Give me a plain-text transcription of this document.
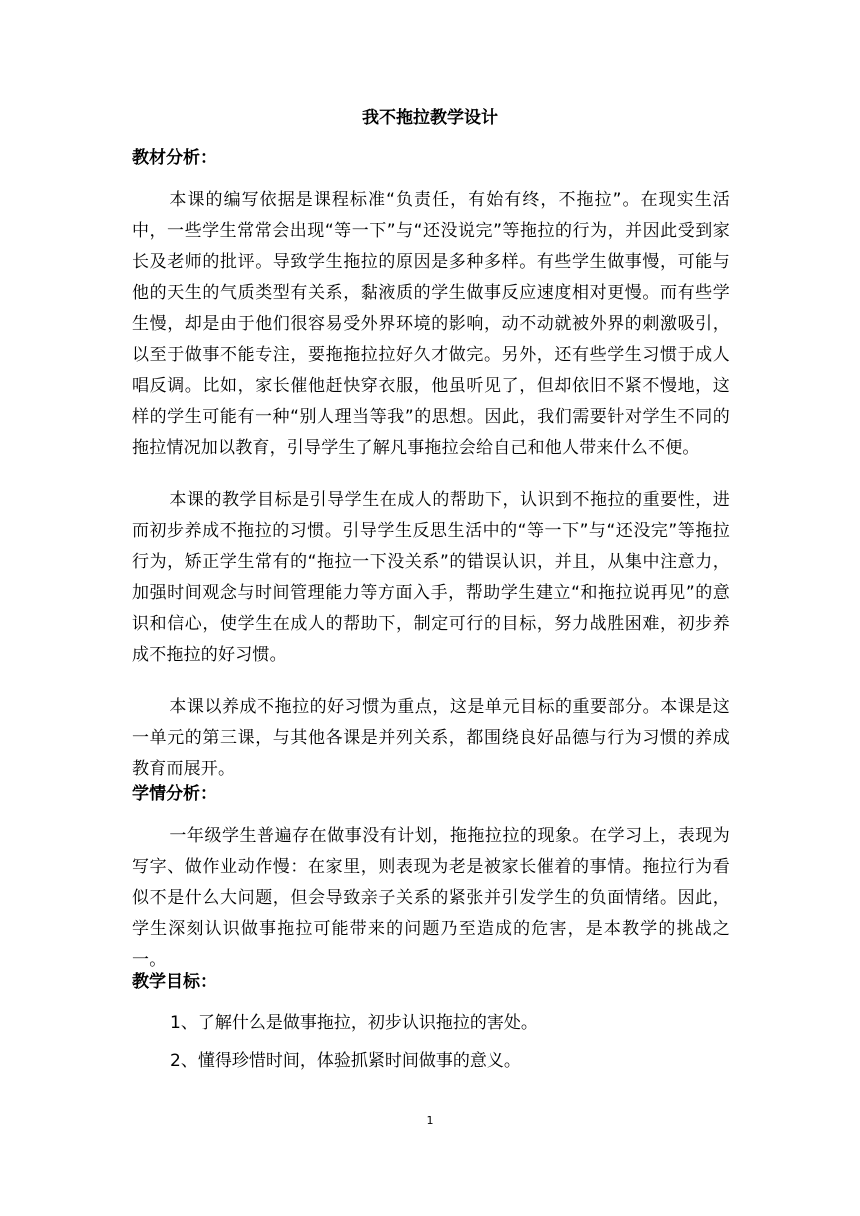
我不拖拉教学设计
教材分析：
本课的编写依据是课程标准“负责任，有始有终，不拖拉”。在现实生活中，一些学生常常会出现“等一下”与“还没说完”等拖拉的行为，并因此受到家长及老师的批评。导致学生拖拉的原因是多种多样。有些学生做事慢，可能与他的天生的气质类型有关系，黏液质的学生做事反应速度相对更慢。而有些学生慢，却是由于他们很容易受外界环境的影响，动不动就被外界的刺激吸引，以至于做事不能专注，要拖拖拉拉好久才做完。另外，还有些学生习惯于成人唱反调。比如，家长催他赶快穿衣服，他虽听见了，但却依旧不紧不慢地，这样的学生可能有一种“别人理当等我”的思想。因此，我们需要针对学生不同的拖拉情况加以教育，引导学生了解凡事拖拉会给自己和他人带来什么不便。
本课的教学目标是引导学生在成人的帮助下，认识到不拖拉的重要性，进而初步养成不拖拉的习惯。引导学生反思生活中的“等一下”与“还没完”等拖拉行为，矫正学生常有的“拖拉一下没关系”的错误认识，并且，从集中注意力，加强时间观念与时间管理能力等方面入手，帮助学生建立“和拖拉说再见”的意识和信心，使学生在成人的帮助下，制定可行的目标，努力战胜困难，初步养成不拖拉的好习惯。
本课以养成不拖拉的好习惯为重点，这是单元目标的重要部分。本课是这一单元的第三课，与其他各课是并列关系，都围绕良好品德与行为习惯的养成教育而展开。
学情分析：
一年级学生普遍存在做事没有计划，拖拖拉拉的现象。在学习上，表现为写字、做作业动作慢：在家里，则表现为老是被家长催着的事情。拖拉行为看似不是什么大问题，但会导致亲子关系的紧张并引发学生的负面情绪。因此，学生深刻认识做事拖拉可能带来的问题乃至造成的危害，是本教学的挑战之一。
教学目标：
1、了解什么是做事拖拉，初步认识拖拉的害处。
2、懂得珍惜时间，体验抓紧时间做事的意义。
1
